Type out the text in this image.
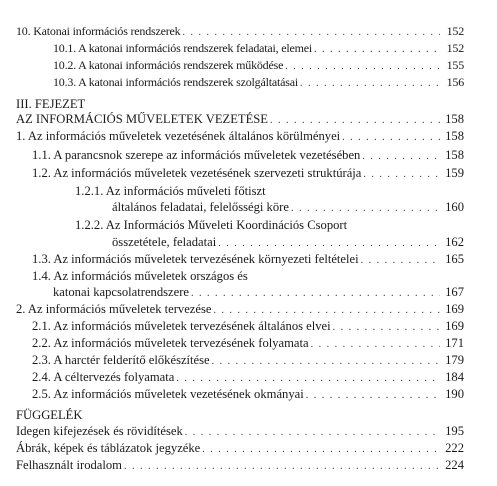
10. Katonai információs rendszerek . . .	152
10.1. A katonai információs rendszerek feladatai, elemei . . .	152
10.2. A katonai információs rendszerek működése . . .	155
10.3. A katonai információs rendszerek szolgáltatásai . . .	156
III. FEJEZET
AZ INFORMÁCIÓS MŰVELETEK VEZETÉSE . . .	158
1. Az információs műveletek vezetésének általános körülményei . . .	158
1.1. A parancsnok szerepe az információs műveletek vezetésében . . .	158
1.2. Az információs műveletek vezetésének szervezeti struktúrája . . .	159
1.2.1. Az információs műveleti főtiszt
általános feladatai, felelősségi köre . . .	160
1.2.2. Az Információs Műveleti Koordinációs Csoport
összetétele, feladatai . . .	162
1.3. Az információs műveletek tervezésének környezeti feltételei . . .	165
1.4. Az információs műveletek országos és
katonai kapcsolatrendszere . . .	167
2. Az információs műveletek tervezése . . .	169
2.1. Az információs műveletek tervezésének általános elvei . . .	169
2.2. Az információs műveletek tervezésének folyamata . . .	171
2.3. A harctér felderítő előkészítése . . .	179
2.4. A céltervezés folyamata . . .	184
2.5. Az információs műveletek vezetésének okmányai . . .	190
FÜGGELÉK
Idegen kifejezések és rövidítések . . .	195
Ábrák, képek és táblázatok jegyzéke . . .	222
Felhasznált irodalom . . .	224
